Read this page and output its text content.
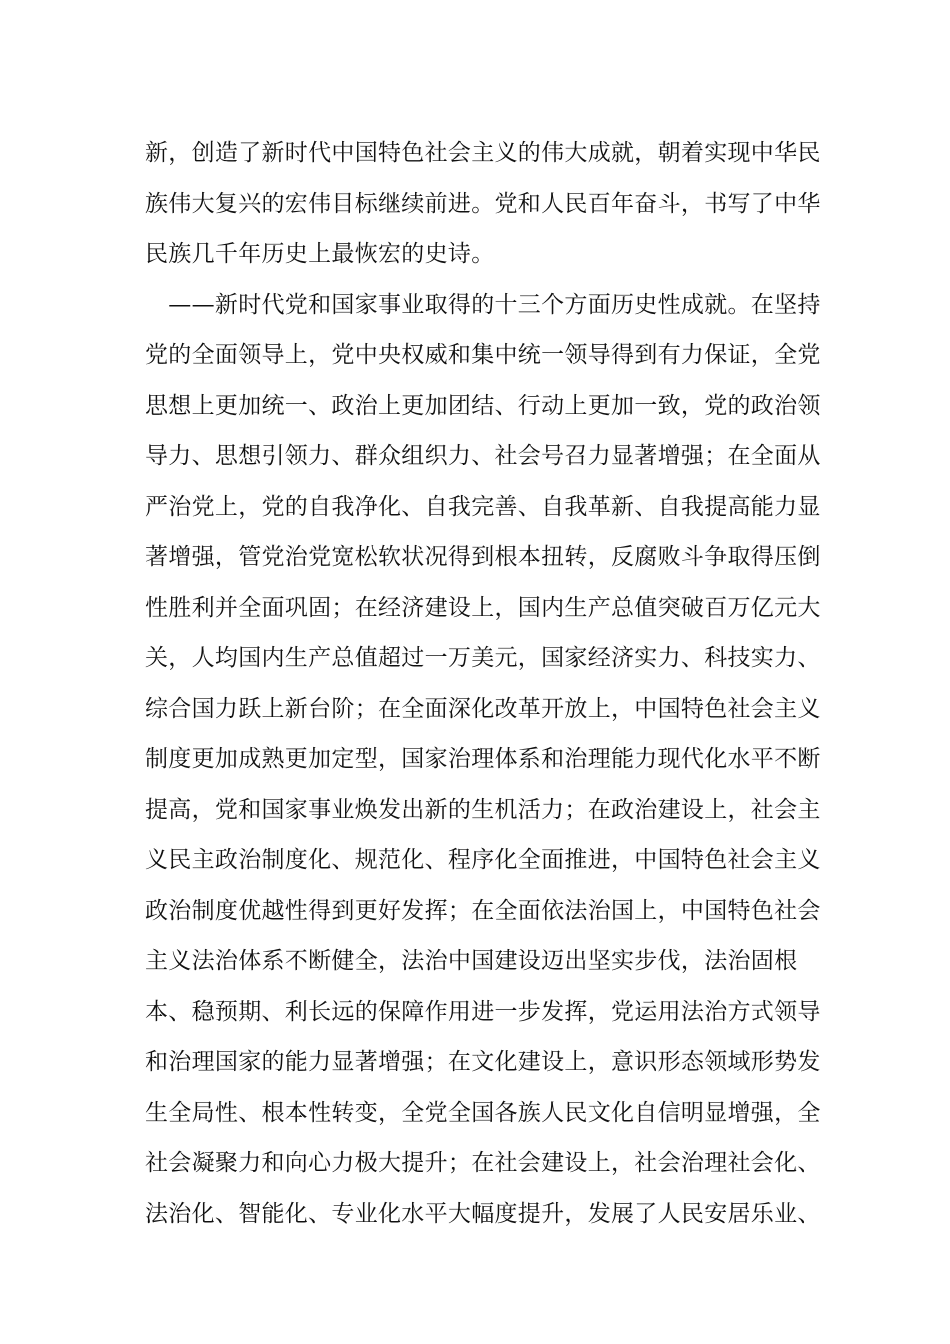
新，创造了新时代中国特色社会主义的伟大成就，朝着实现中华民
族伟大复兴的宏伟目标继续前进。党和人民百年奋斗，书写了中华
民族几千年历史上最恢宏的史诗。
　——新时代党和国家事业取得的十三个方面历史性成就。在坚持
党的全面领导上，党中央权威和集中统一领导得到有力保证，全党
思想上更加统一、政治上更加团结、行动上更加一致，党的政治领
导力、思想引领力、群众组织力、社会号召力显著增强；在全面从
严治党上，党的自我净化、自我完善、自我革新、自我提高能力显
著增强，管党治党宽松软状况得到根本扭转，反腐败斗争取得压倒
性胜利并全面巩固；在经济建设上，国内生产总值突破百万亿元大
关，人均国内生产总值超过一万美元，国家经济实力、科技实力、
综合国力跃上新台阶；在全面深化改革开放上，中国特色社会主义
制度更加成熟更加定型，国家治理体系和治理能力现代化水平不断
提高，党和国家事业焕发出新的生机活力；在政治建设上，社会主
义民主政治制度化、规范化、程序化全面推进，中国特色社会主义
政治制度优越性得到更好发挥；在全面依法治国上，中国特色社会
主义法治体系不断健全，法治中国建设迈出坚实步伐，法治固根
本、稳预期、利长远的保障作用进一步发挥，党运用法治方式领导
和治理国家的能力显著增强；在文化建设上，意识形态领域形势发
生全局性、根本性转变，全党全国各族人民文化自信明显增强，全
社会凝聚力和向心力极大提升；在社会建设上，社会治理社会化、
法治化、智能化、专业化水平大幅度提升，发展了人民安居乐业、
